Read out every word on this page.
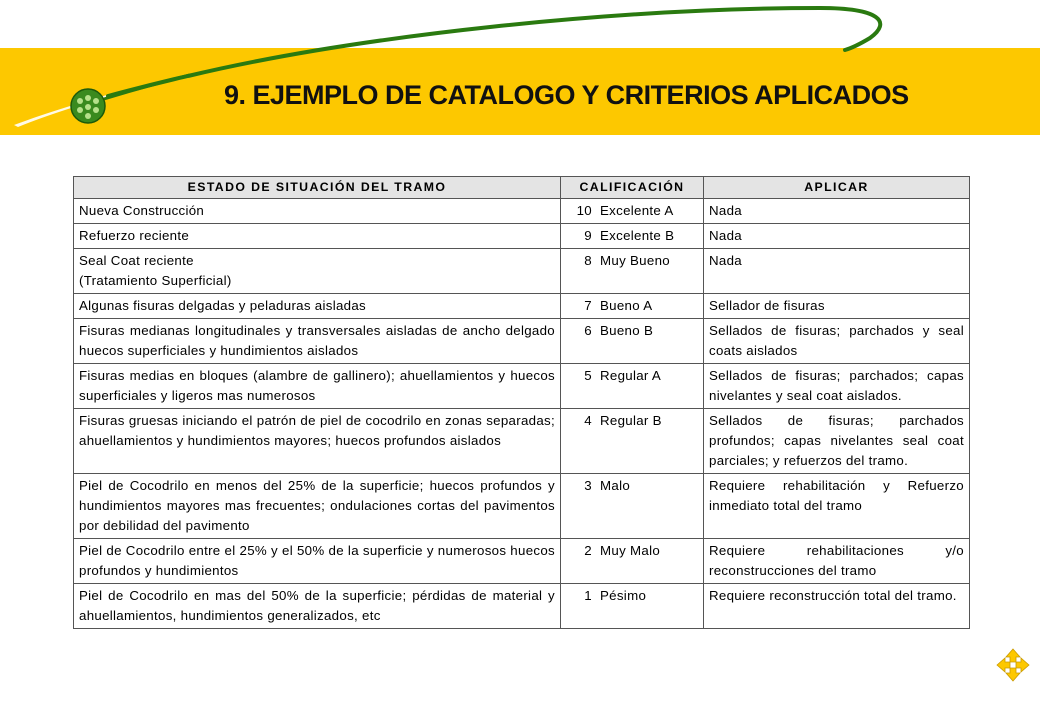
9. EJEMPLO DE CATALOGO Y CRITERIOS APLICADOS
ESTADO DE SITUACIÓN DEL TRAMO	CALIFICACIÓN	APLICAR
Nueva Construcción	10 Excelente A	Nada
Refuerzo reciente	9 Excelente B	Nada
Seal Coat reciente
(Tratamiento Superficial)	8 Muy Bueno	Nada
Algunas fisuras delgadas y peladuras aisladas	7 Bueno A	Sellador de fisuras
Fisuras medianas longitudinales y transversales aisladas de ancho delgado huecos superficiales y hundimientos aislados	6 Bueno B	Sellados de fisuras; parchados y seal coats aislados
Fisuras medias en bloques (alambre de gallinero); ahuellamientos y huecos superficiales y ligeros mas numerosos	5 Regular A	Sellados de fisuras; parchados; capas nivelantes y seal coat aislados.
Fisuras gruesas iniciando el patrón de piel de cocodrilo en zonas separadas; ahuellamientos y hundimientos mayores; huecos profundos aislados	4 Regular B	Sellados de fisuras; parchados profundos; capas nivelantes seal coat parciales; y refuerzos del tramo.
Piel de Cocodrilo en menos del 25% de la superficie; huecos profundos y hundimientos mayores mas frecuentes; ondulaciones cortas del pavimentos por debilidad del pavimento	3 Malo	Requiere rehabilitación y Refuerzo inmediato total del tramo
Piel de Cocodrilo entre el 25% y el 50% de la superficie y numerosos huecos profundos y hundimientos	2 Muy Malo	Requiere rehabilitaciones y/o reconstrucciones del tramo
Piel de Cocodrilo en mas del 50% de la superficie; pérdidas de material y ahuellamientos, hundimientos generalizados, etc	1 Pésimo	Requiere reconstrucción total del tramo.
